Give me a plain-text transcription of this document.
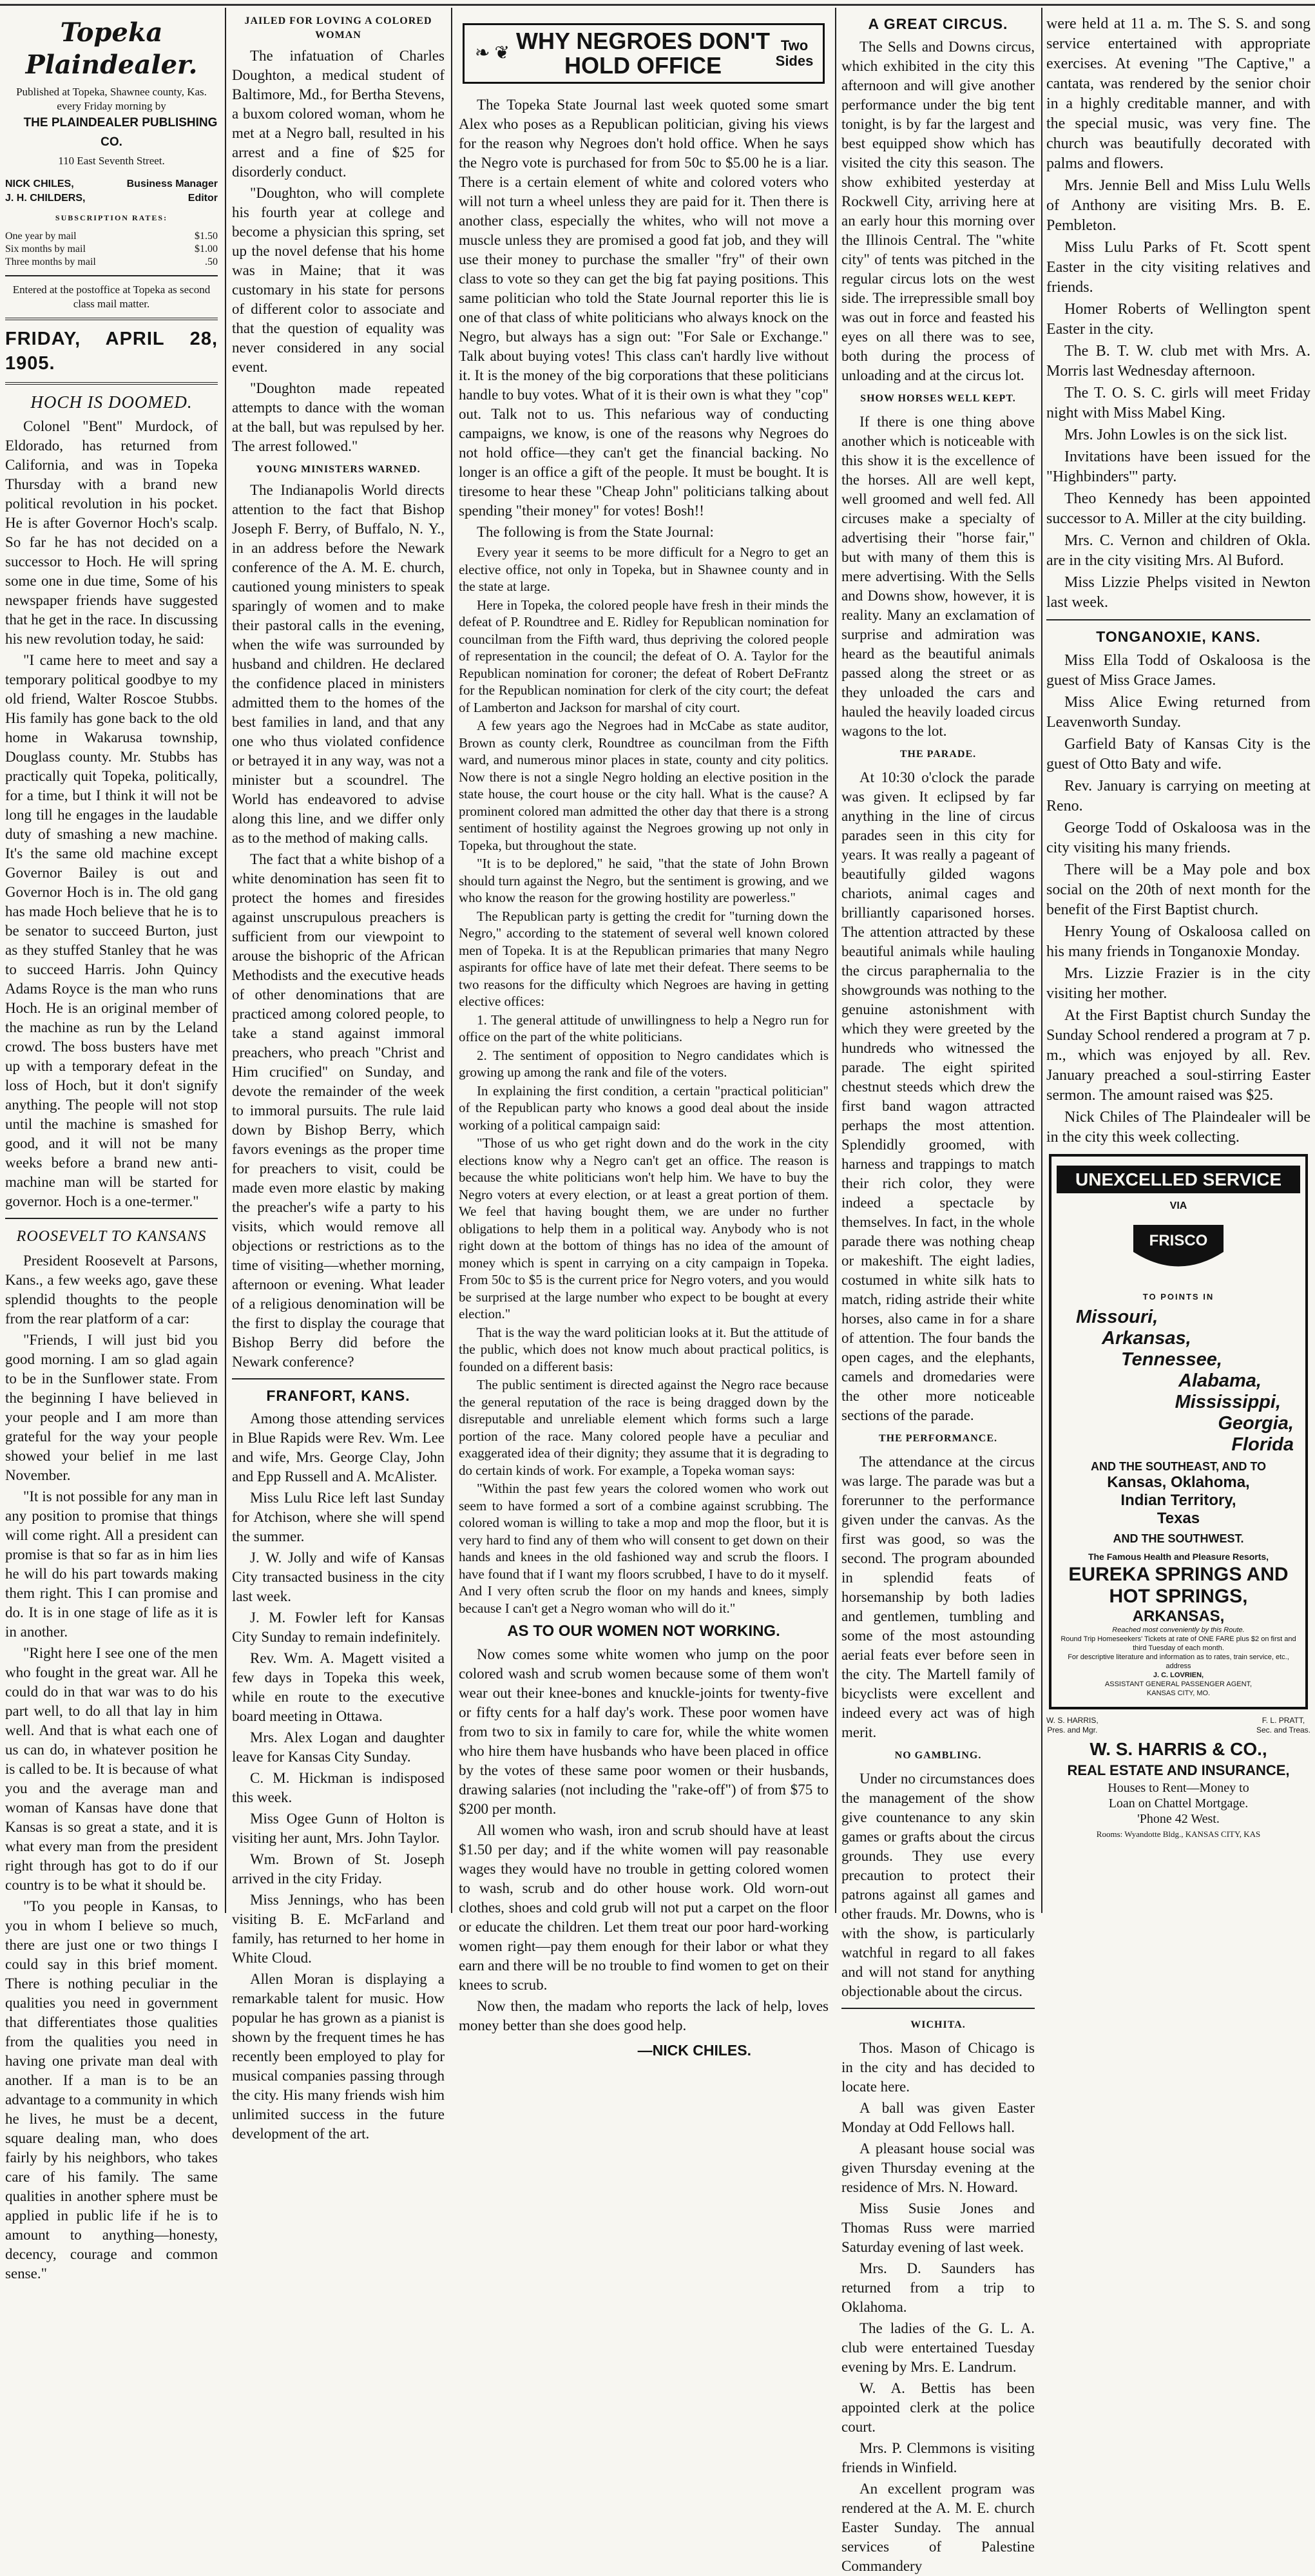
Topeka Plaindealer.

Published at Topeka, Shawnee county, Kas. every Friday morning by

THE PLAINDEALER PUBLISHING CO.

110 East Seventh Street.

NICK CHILES,	Business Manager
J. H. CHILDERS,	Editor
SUBSCRIPTION RATES:
One year by mail	$1.50
Six months by mail	$1.00
Three months by mail	.50

Entered at the postoffice at Topeka as second class mail matter.

FRIDAY, APRIL 28, 1905.
HOCH IS DOOMED.

Colonel "Bent" Murdock, of Eldorado, has returned from California, and was in Topeka Thursday with a brand new political revolution in his pocket. He is after Governor Hoch's scalp. So far he has not decided on a successor to Hoch. He will spring some one in due time, Some of his newspaper friends have suggested that he get in the race. In discussing his new revolution today, he said:

"I came here to meet and say a temporary political goodbye to my old friend, Walter Roscoe Stubbs. His family has gone back to the old home in Wakarusa township, Douglass county. Mr. Stubbs has practically quit Topeka, politically, for a time, but I think it will not be long till he engages in the laudable duty of smashing a new machine. It's the same old machine except Governor Bailey is out and Governor Hoch is in. The old gang has made Hoch believe that he is to be senator to succeed Burton, just as they stuffed Stanley that he was to succeed Harris. John Quincy Adams Royce is the man who runs Hoch. He is an original member of the machine as run by the Leland crowd. The boss busters have met up with a temporary defeat in the loss of Hoch, but it don't signify anything. The people will not stop until the machine is smashed for good, and it will not be many weeks before a brand new anti-machine man will be started for governor. Hoch is a one-termer."

ROOSEVELT TO KANSANS

President Roosevelt at Parsons, Kans., a few weeks ago, gave these splendid thoughts to the people from the rear platform of a car:

"Friends, I will just bid you good morning. I am so glad again to be in the Sunflower state. From the beginning I have believed in your people and I am more than grateful for the way your people showed your belief in me last November.

"It is not possible for any man in any position to promise that things will come right. All a president can promise is that so far as in him lies he will do his part towards making them right. This I can promise and do. It is in one stage of life as it is in another.

"Right here I see one of the men who fought in the great war. All he could do in that war was to do his part well, to do all that lay in him well. And that is what each one of us can do, in whatever position he is called to be. It is because of what you and the average man and woman of Kansas have done that Kansas is so great a state, and it is what every man from the president right through has got to do if our country is to be what it should be.

"To you people in Kansas, to you in whom I believe so much, there are just one or two things I could say in this brief moment. There is nothing peculiar in the qualities you need in government that differentiates those qualities from the qualities you need in having one private man deal with another. If a man is to be an advantage to a community in which he lives, he must be a decent, square dealing man, who does fairly by his neighbors, who takes care of his family. The same qualities in another sphere must be applied in public life if he is to amount to anything—honesty, decency, courage and common sense."

JAILED FOR LOVING A COLORED WOMAN

The infatuation of Charles Doughton, a medical student of Baltimore, Md., for Bertha Stevens, a buxom colored woman, whom he met at a Negro ball, resulted in his arrest and a fine of $25 for disorderly conduct.

"Doughton, who will complete his fourth year at college and become a physician this spring, set up the novel defense that his home was in Maine; that it was customary in his state for persons of different color to associate and that the question of equality was never considered in any social event.

"Doughton made repeated attempts to dance with the woman at the ball, but was repulsed by her. The arrest followed."

YOUNG MINISTERS WARNED.

The Indianapolis World directs attention to the fact that Bishop Joseph F. Berry, of Buffalo, N. Y., in an address before the Newark conference of the A. M. E. church, cautioned young ministers to speak sparingly of women and to make their pastoral calls in the evening, when the wife was surrounded by husband and children. He declared the confidence placed in ministers admitted them to the homes of the best families in land, and that any one who thus violated confidence or betrayed it in any way, was not a minister but a scoundrel. The World has endeavored to advise along this line, and we differ only as to the method of making calls.

The fact that a white bishop of a white denomination has seen fit to protect the homes and firesides against unscrupulous preachers is sufficient from our viewpoint to arouse the bishopric of the African Methodists and the executive heads of other denominations that are practiced among colored people, to take a stand against immoral preachers, who preach "Christ and Him crucified" on Sunday, and devote the remainder of the week to immoral pursuits. The rule laid down by Bishop Berry, which favors evenings as the proper time for preachers to visit, could be made even more elastic by making the preacher's wife a party to his visits, which would remove all objections or restrictions as to the time of visiting—whether morning, afternoon or evening. What leader of a religious denomination will be the first to display the courage that Bishop Berry did before the Newark conference?

FRANFORT, KANS.

Among those attending services in Blue Rapids were Rev. Wm. Lee and wife, Mrs. George Clay, John and Epp Russell and A. McAlister.

Miss Lulu Rice left last Sunday for Atchison, where she will spend the summer.

J. W. Jolly and wife of Kansas City transacted business in the city last week.

J. M. Fowler left for Kansas City Sunday to remain indefinitely.

Rev. Wm. A. Magett visited a few days in Topeka this week, while en route to the executive board meeting in Ottawa.

Mrs. Alex Logan and daughter leave for Kansas City Sunday.

C. M. Hickman is indisposed this week.

Miss Ogee Gunn of Holton is visiting her aunt, Mrs. John Taylor.

Wm. Brown of St. Joseph arrived in the city Friday.

Miss Jennings, who has been visiting B. E. McFarland and family, has returned to her home in White Cloud.

Allen Moran is displaying a remarkable talent for music. How popular he has grown as a pianist is shown by the frequent times he has recently been employed to play for musical companies passing through the city. His many friends wish him unlimited success in the future development of the art.

❧ ❦ WHY NEGROES DON'T HOLD OFFICE
Two Sides

The Topeka State Journal last week quoted some smart Alex who poses as a Republican politician, giving his views for the reason why Negroes don't hold office. When he says the Negro vote is purchased for from 50c to $5.00 he is a liar. There is a certain element of white and colored voters who will not turn a wheel unless they are paid for it. Then there is another class, especially the whites, who will not move a muscle unless they are promised a good fat job, and they will use their money to purchase the smaller "fry" of their own class to vote so they can get the big fat paying positions. This same politician who told the State Journal reporter this lie is one of that class of white politicians who always knock on the Negro, but always has a sign out: "For Sale or Exchange." Talk about buying votes! This class can't hardly live without it. It is the money of the big corporations that these politicians handle to buy votes. What of it is their own is what they "cop" out. Talk not to us. This nefarious way of conducting campaigns, we know, is one of the reasons why Negroes do not hold office—they can't get the financial backing. No longer is an office a gift of the people. It must be bought. It is tiresome to hear these "Cheap John" politicians talking about spending "their money" for votes! Bosh!!

The following is from the State Journal:

Every year it seems to be more difficult for a Negro to get an elective office, not only in Topeka, but in Shawnee county and in the state at large.

Here in Topeka, the colored people have fresh in their minds the defeat of P. Roundtree and E. Ridley for Republican nomination for councilman from the Fifth ward, thus depriving the colored people of representation in the council; the defeat of O. A. Taylor for the Republican nomination for coroner; the defeat of Robert DeFrantz for the Republican nomination for clerk of the city court; the defeat of Lamberton and Jackson for marshal of city court.

A few years ago the Negroes had in McCabe as state auditor, Brown as county clerk, Roundtree as councilman from the Fifth ward, and numerous minor places in state, county and city politics. Now there is not a single Negro holding an elective position in the state house, the court house or the city hall. What is the cause? A prominent colored man admitted the other day that there is a strong sentiment of hostility against the Negroes growing up not only in Topeka, but throughout the state.

"It is to be deplored," he said, "that the state of John Brown should turn against the Negro, but the sentiment is growing, and we who know the reason for the growing hostility are powerless."

The Republican party is getting the credit for "turning down the Negro," according to the statement of several well known colored men of Topeka. It is at the Republican primaries that many Negro aspirants for office have of late met their defeat. There seems to be two reasons for the difficulty which Negroes are having in getting elective offices:

1. The general attitude of unwillingness to help a Negro run for office on the part of the white politicians.

2. The sentiment of opposition to Negro candidates which is growing up among the rank and file of the voters.

In explaining the first condition, a certain "practical politician" of the Republican party who knows a good deal about the inside working of a political campaign said:

"Those of us who get right down and do the work in the city elections know why a Negro can't get an office. The reason is because the white politicians won't help him. We have to buy the Negro voters at every election, or at least a great portion of them. We feel that having bought them, we are under no further obligations to help them in a political way. Anybody who is not right down at the bottom of things has no idea of the amount of money which is spent in carrying on a city campaign in Topeka. From 50c to $5 is the current price for Negro voters, and you would be surprised at the large number who expect to be bought at every election."

That is the way the ward politician looks at it. But the attitude of the public, which does not know much about practical politics, is founded on a different basis:

The public sentiment is directed against the Negro race because the general reputation of the race is being dragged down by the disreputable and unreliable element which forms such a large portion of the race. Many colored people have a peculiar and exaggerated idea of their dignity; they assume that it is degrading to do certain kinds of work. For example, a Topeka woman says:

"Within the past few years the colored women who work out seem to have formed a sort of a combine against scrubbing. The colored woman is willing to take a mop and mop the floor, but it is very hard to find any of them who will consent to get down on their hands and knees in the old fashioned way and scrub the floors. I have found that if I want my floors scrubbed, I have to do it myself. And I very often scrub the floor on my hands and knees, simply because I can't get a Negro woman who will do it."

AS TO OUR WOMEN NOT WORKING.

Now comes some white women who jump on the poor colored wash and scrub women because some of them won't wear out their knee-bones and knuckle-joints for twenty-five or fifty cents for a half day's work. These poor women have from two to six in family to care for, while the white women who hire them have husbands who have been placed in office by the votes of these same poor women or their husbands, drawing salaries (not including the "rake-off") of from $75 to $200 per month.

All women who wash, iron and scrub should have at least $1.50 per day; and if the white women will pay reasonable wages they would have no trouble in getting colored women to wash, scrub and do other house work. Old worn-out clothes, shoes and cold grub will not put a carpet on the floor or educate the children. Let them treat our poor hard-working women right—pay them enough for their labor or what they earn and there will be no trouble to find women to get on their knees to scrub.

Now then, the madam who reports the lack of help, loves money better than she does good help.

—NICK CHILES.
A GREAT CIRCUS.

The Sells and Downs circus, which exhibited in the city this afternoon and will give another performance under the big tent tonight, is by far the largest and best equipped show which has visited the city this season. The show exhibited yesterday at Rockwell City, arriving here at an early hour this morning over the Illinois Central. The "white city" of tents was pitched in the regular circus lots on the west side. The irrepressible small boy was out in force and feasted his eyes on all there was to see, both during the process of unloading and at the circus lot.

SHOW HORSES WELL KEPT.

If there is one thing above another which is noticeable with this show it is the excellence of the horses. All are well kept, well groomed and well fed. All circuses make a specialty of advertising their "horse fair," but with many of them this is mere advertising. With the Sells and Downs show, however, it is reality. Many an exclamation of surprise and admiration was heard as the beautiful animals passed along the street or as they unloaded the cars and hauled the heavily loaded circus wagons to the lot.

THE PARADE.

At 10:30 o'clock the parade was given. It eclipsed by far anything in the line of circus parades seen in this city for years. It was really a pageant of beautifully gilded wagons chariots, animal cages and brilliantly caparisoned horses. The attention attracted by these beautiful animals while hauling the circus paraphernalia to the showgrounds was nothing to the genuine astonishment with which they were greeted by the hundreds who witnessed the parade. The eight spirited chestnut steeds which drew the first band wagon attracted perhaps the most attention. Splendidly groomed, with harness and trappings to match their rich color, they were indeed a spectacle by themselves. In fact, in the whole parade there was nothing cheap or makeshift. The eight ladies, costumed in white silk hats to match, riding astride their white horses, also came in for a share of attention. The four bands the open cages, and the elephants, camels and dromedaries were the other more noticeable sections of the parade.

THE PERFORMANCE.

The attendance at the circus was large. The parade was but a forerunner to the performance given under the canvas. As the first was good, so was the second. The program abounded in splendid feats of horsemanship by both ladies and gentlemen, tumbling and some of the most astounding aerial feats ever before seen in the city. The Martell family of bicyclists were excellent and indeed every act was of high merit.

NO GAMBLING.

Under no circumstances does the management of the show give countenance to any skin games or grafts about the circus grounds. They use every precaution to protect their patrons against all games and other frauds. Mr. Downs, who is with the show, is particularly watchful in regard to all fakes and will not stand for anything objectionable about the circus.

WICHITA.

Thos. Mason of Chicago is in the city and has decided to locate here.

A ball was given Easter Monday at Odd Fellows hall.

A pleasant house social was given Thursday evening at the residence of Mrs. N. Howard.

Miss Susie Jones and Thomas Russ were married Saturday evening of last week.

Mrs. D. Saunders has returned from a trip to Oklahoma.

The ladies of the G. L. A. club were entertained Tuesday evening by Mrs. E. Landrum.

W. A. Bettis has been appointed clerk at the police court.

Mrs. P. Clemmons is visiting friends in Winfield.

An excellent program was rendered at the A. M. E. church Easter Sunday. The annual services of Palestine Commandery

were held at 11 a. m. The S. S. and song service entertained with appropriate exercises. At evening "The Captive," a cantata, was rendered by the senior choir in a highly creditable manner, and with the special music, was very fine. The church was beautifully decorated with palms and flowers.

Mrs. Jennie Bell and Miss Lulu Wells of Anthony are visiting Mrs. B. E. Pembleton.

Miss Lulu Parks of Ft. Scott spent Easter in the city visiting relatives and friends.

Homer Roberts of Wellington spent Easter in the city.

The B. T. W. club met with Mrs. A. Morris last Wednesday afternoon.

The T. O. S. C. girls will meet Friday night with Miss Mabel King.

Mrs. John Lowles is on the sick list.

Invitations have been issued for the "Highbinders'" party.

Theo Kennedy has been appointed successor to A. Miller at the city building.

Mrs. C. Vernon and children of Okla. are in the city visiting Mrs. Al Buford.

Miss Lizzie Phelps visited in Newton last week.

TONGANOXIE, KANS.

Miss Ella Todd of Oskaloosa is the guest of Miss Grace James.

Miss Alice Ewing returned from Leavenworth Sunday.

Garfield Baty of Kansas City is the guest of Otto Baty and wife.

Rev. January is carrying on meeting at Reno.

George Todd of Oskaloosa was in the city visiting his many friends.

There will be a May pole and box social on the 20th of next month for the benefit of the First Baptist church.

Henry Young of Oskaloosa called on his many friends in Tonganoxie Monday.

Mrs. Lizzie Frazier is in the city visiting her mother.

At the First Baptist church Sunday the Sunday School rendered a program at 7 p. m., which was enjoyed by all. Rev. January preached a soul-stirring Easter sermon. The amount raised was $25.

Nick Chiles of The Plaindealer will be in the city this week collecting.

UNEXCELLED SERVICE
VIA
FRISCO
TO POINTS IN
Missouri,
Arkansas,
Tennessee,
Alabama,
Mississippi,
Georgia,
Florida
AND THE SOUTHEAST, AND TO
Kansas, Oklahoma,
Indian Territory,
Texas
AND THE SOUTHWEST.
The Famous Health and Pleasure Resorts,
EUREKA SPRINGS AND HOT SPRINGS,
ARKANSAS,
Reached most conveniently by this Route.
Round Trip Homeseekers' Tickets at rate of ONE FARE plus $2 on first and third Tuesday of each month.
For descriptive literature and information as to rates, train service, etc., address
J. C. LOVRIEN,
ASSISTANT GENERAL PASSENGER AGENT,
KANSAS CITY, MO.
W. S. HARRIS,
Pres. and Mgr.
F. L. PRATT,
Sec. and Treas.
W. S. HARRIS & CO.,
REAL ESTATE AND INSURANCE,

Houses to Rent—Money to

Loan on Chattel Mortgage.

'Phone 42 West.

Rooms: Wyandotte Bldg., KANSAS CITY, KAS
